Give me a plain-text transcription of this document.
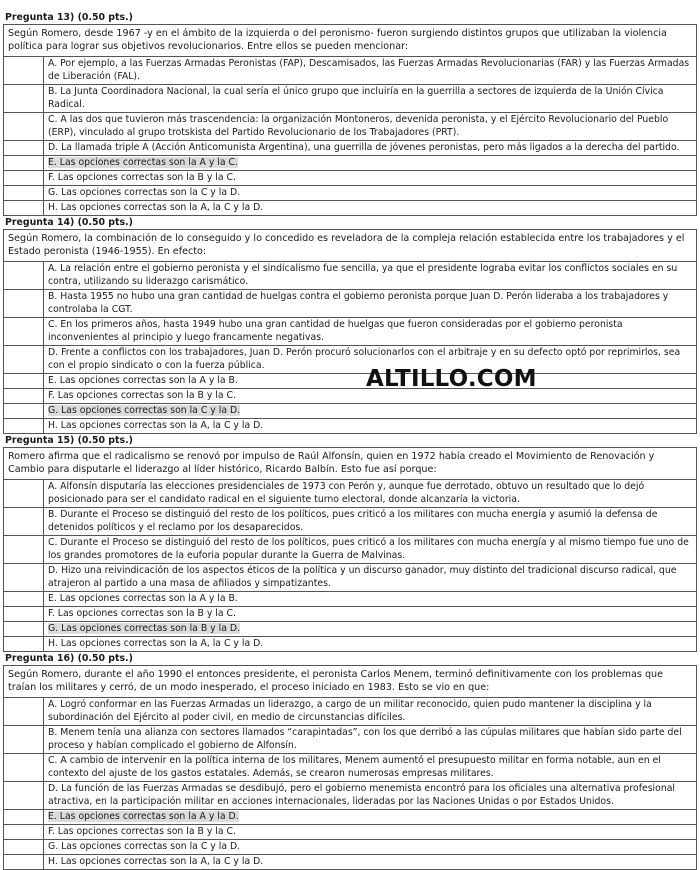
Pregunta 13) (0.50 pts.)
Según Romero, desde 1967 -y en el ámbito de la izquierda o del peronismo- fueron surgiendo distintos grupos que utilizaban la violencia política para lograr sus objetivos revolucionarios. Entre ellos se pueden mencionar:
A. Por ejemplo, a las Fuerzas Armadas Peronistas (FAP), Descamisados, las Fuerzas Armadas Revolucionarias (FAR) y las Fuerzas Armadas de Liberación (FAL).
B. La Junta Coordinadora Nacional, la cual sería el único grupo que incluiría en la guerrilla a sectores de izquierda de la Unión Cívica Radical.
C. A las dos que tuvieron más trascendencia: la organización Montoneros, devenida peronista, y el Ejército Revolucionario del Pueblo (ERP), vinculado al grupo trotskista del Partido Revolucionario de los Trabajadores (PRT).
D. La llamada triple A (Acción Anticomunista Argentina), una guerrilla de jóvenes peronistas, pero más ligados a la derecha del partido.
E. Las opciones correctas son la A y la C.
F. Las opciones correctas son la B y la C.
G. Las opciones correctas son la C y la D.
H. Las opciones correctas son la A, la C y la D.
Pregunta 14) (0.50 pts.)
Según Romero, la combinación de lo conseguido y lo concedido es reveladora de la compleja relación establecida entre los trabajadores y el Estado peronista (1946-1955). En efecto:
A. La relación entre el gobierno peronista y el sindicalismo fue sencilla, ya que el presidente lograba evitar los conflictos sociales en su contra, utilizando su liderazgo carismático.
B. Hasta 1955 no hubo una gran cantidad de huelgas contra el gobierno peronista porque Juan D. Perón lideraba a los trabajadores y controlaba la CGT.
C. En los primeros años, hasta 1949 hubo una gran cantidad de huelgas que fueron consideradas por el gobierno peronista inconvenientes al principio y luego francamente negativas.
D. Frente a conflictos con los trabajadores, Juan D. Perón procuró solucionarlos con el arbitraje y en su defecto optó por reprimirlos, sea con el propio sindicato o con la fuerza pública.
E. Las opciones correctas son la A y la B.
F. Las opciones correctas son la B y la C.
G. Las opciones correctas son la C y la D.
H. Las opciones correctas son la A, la C y la D.
Pregunta 15) (0.50 pts.)
Romero afirma que el radicalismo se renovó por impulso de Raúl Alfonsín, quien en 1972 había creado el Movimiento de Renovación y Cambio para disputarle el liderazgo al líder histórico, Ricardo Balbín. Esto fue así porque:
A. Alfonsín disputaría las elecciones presidenciales de 1973 con Perón y, aunque fue derrotado, obtuvo un resultado que lo dejó posicionado para ser el candidato radical en el siguiente turno electoral, donde alcanzaría la victoria.
B. Durante el Proceso se distinguió del resto de los políticos, pues criticó a los militares con mucha energía y asumió la defensa de detenidos políticos y el reclamo por los desaparecidos.
C. Durante el Proceso se distinguió del resto de los políticos, pues criticó a los militares con mucha energía y al mismo tiempo fue uno de los grandes promotores de la euforia popular durante la Guerra de Malvinas.
D. Hizo una reivindicación de los aspectos éticos de la política y un discurso ganador, muy distinto del tradicional discurso radical, que atrajeron al partido a una masa de afiliados y simpatizantes.
E. Las opciones correctas son la A y la B.
F. Las opciones correctas son la B y la C.
G. Las opciones correctas son la B y la D.
H. Las opciones correctas son la A, la C y la D.
Pregunta 16) (0.50 pts.)
Según Romero, durante el año 1990 el entonces presidente, el peronista Carlos Menem, terminó definitivamente con los problemas que traían los militares y cerró, de un modo inesperado, el proceso iniciado en 1983. Esto se vio en que:
A. Logró conformar en las Fuerzas Armadas un liderazgo, a cargo de un militar reconocido, quien pudo mantener la disciplina y la subordinación del Ejército al poder civil, en medio de circunstancias difíciles.
B. Menem tenía una alianza con sectores llamados “carapintadas”, con los que derribó a las cúpulas militares que habían sido parte del proceso y habían complicado el gobierno de Alfonsín.
C. A cambio de intervenir en la política interna de los militares, Menem aumentó el presupuesto militar en forma notable, aun en el contexto del ajuste de los gastos estatales. Además, se crearon numerosas empresas militares.
D. La función de las Fuerzas Armadas se desdibujó, pero el gobierno menemista encontró para los oficiales una alternativa profesional atractiva, en la participación militar en acciones internacionales, lideradas por las Naciones Unidas o por Estados Unidos.
E. Las opciones correctas son la A y la D.
F. Las opciones correctas son la B y la C.
G. Las opciones correctas son la C y la D.
H. Las opciones correctas son la A, la C y la D.
ALTILLO.COM
